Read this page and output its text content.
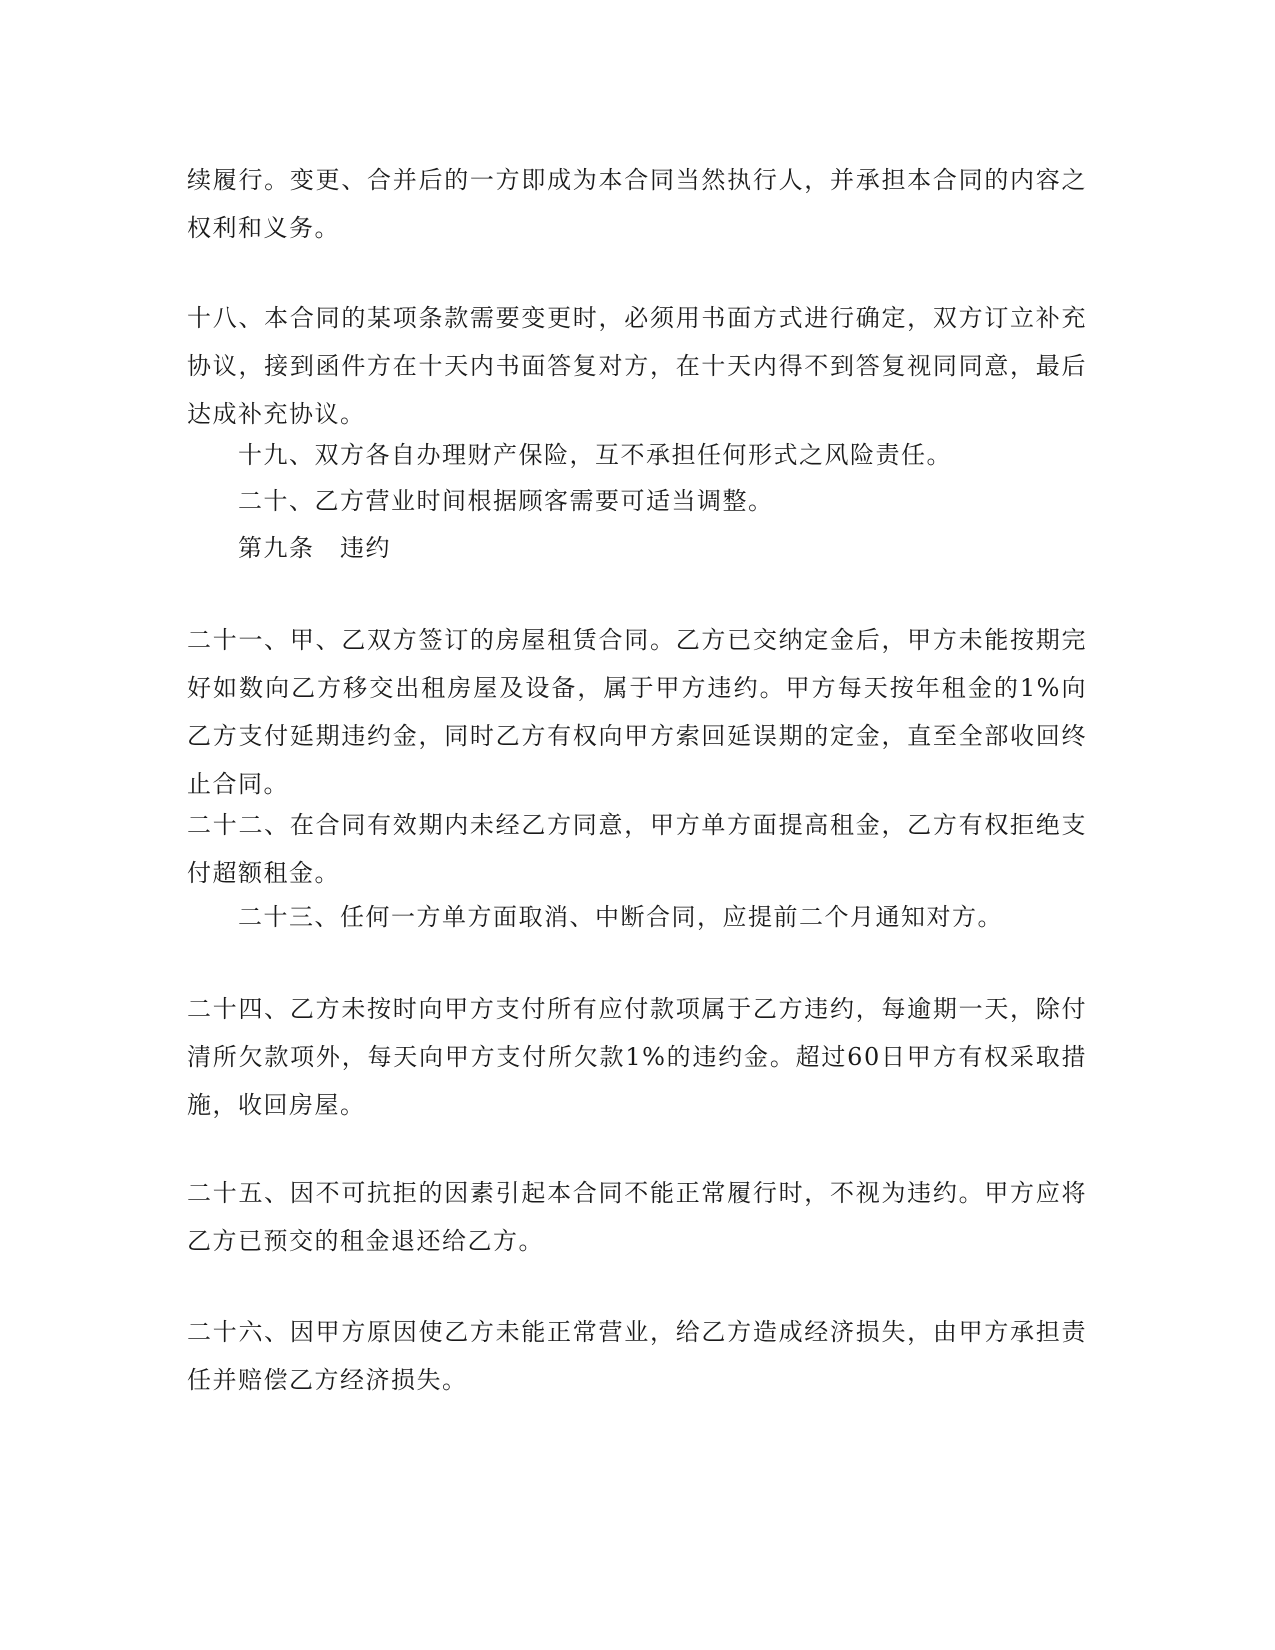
续履行。变更、合并后的一方即成为本合同当然执行人，并承担本合同的内容之权利和义务。

十八、本合同的某项条款需要变更时，必须用书面方式进行确定，双方订立补充协议，接到函件方在十天内书面答复对方，在十天内得不到答复视同同意，最后达成补充协议。

十九、双方各自办理财产保险，互不承担任何形式之风险责任。

二十、乙方营业时间根据顾客需要可适当调整。

第九条　违约

二十一、甲、乙双方签订的房屋租赁合同。乙方已交纳定金后，甲方未能按期完好如数向乙方移交出租房屋及设备，属于甲方违约。甲方每天按年租金的1%向乙方支付延期违约金，同时乙方有权向甲方索回延误期的定金，直至全部收回终止合同。

二十二、在合同有效期内未经乙方同意，甲方单方面提高租金，乙方有权拒绝支付超额租金。

二十三、任何一方单方面取消、中断合同，应提前二个月通知对方。

二十四、乙方未按时向甲方支付所有应付款项属于乙方违约，每逾期一天，除付清所欠款项外，每天向甲方支付所欠款1%的违约金。超过60日甲方有权采取措施，收回房屋。

二十五、因不可抗拒的因素引起本合同不能正常履行时，不视为违约。甲方应将乙方已预交的租金退还给乙方。

二十六、因甲方原因使乙方未能正常营业，给乙方造成经济损失，由甲方承担责任并赔偿乙方经济损失。
